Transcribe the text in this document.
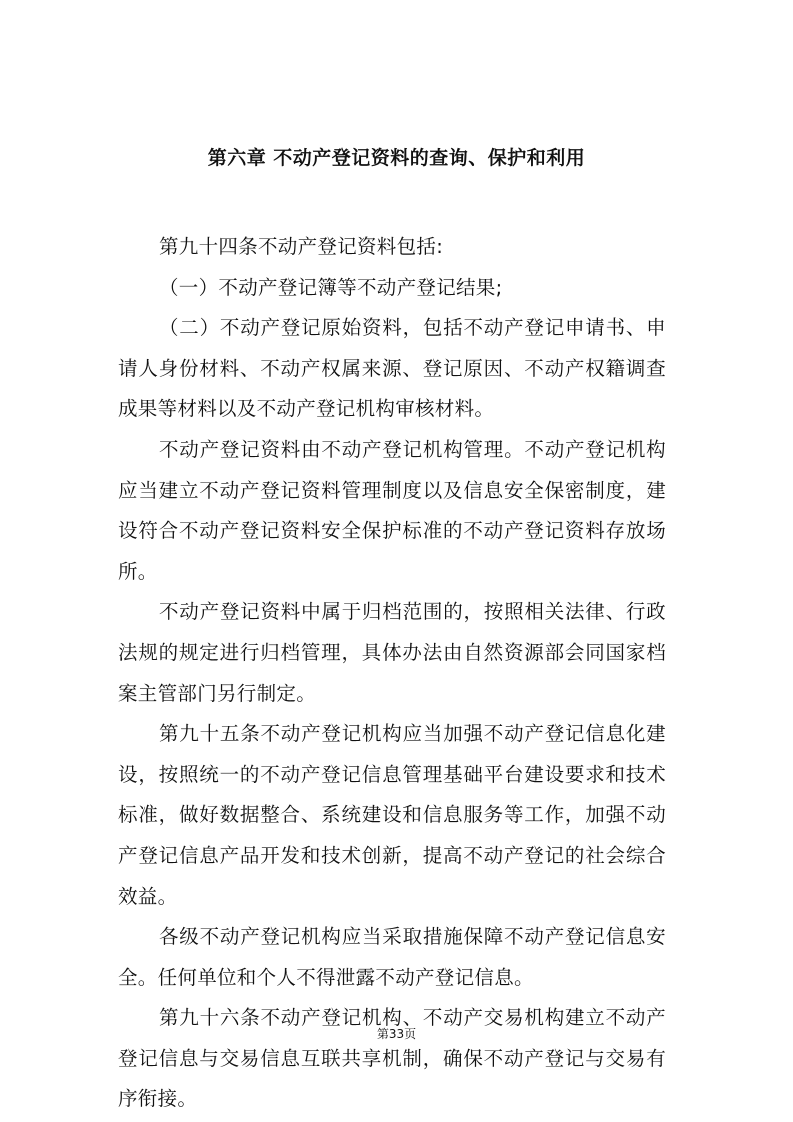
第六章 不动产登记资料的查询、保护和利用

第九十四条不动产登记资料包括:

（一）不动产登记簿等不动产登记结果;

（二）不动产登记原始资料，包括不动产登记申请书、申请人身份材料、不动产权属来源、登记原因、不动产权籍调查成果等材料以及不动产登记机构审核材料。

不动产登记资料由不动产登记机构管理。不动产登记机构应当建立不动产登记资料管理制度以及信息安全保密制度，建设符合不动产登记资料安全保护标准的不动产登记资料存放场所。

不动产登记资料中属于归档范围的，按照相关法律、行政法规的规定进行归档管理，具体办法由自然资源部会同国家档案主管部门另行制定。

第九十五条不动产登记机构应当加强不动产登记信息化建设，按照统一的不动产登记信息管理基础平台建设要求和技术标准，做好数据整合、系统建设和信息服务等工作，加强不动产登记信息产品开发和技术创新，提高不动产登记的社会综合效益。

各级不动产登记机构应当采取措施保障不动产登记信息安全。任何单位和个人不得泄露不动产登记信息。

第九十六条不动产登记机构、不动产交易机构建立不动产登记信息与交易信息互联共享机制，确保不动产登记与交易有序衔接。

第33页
